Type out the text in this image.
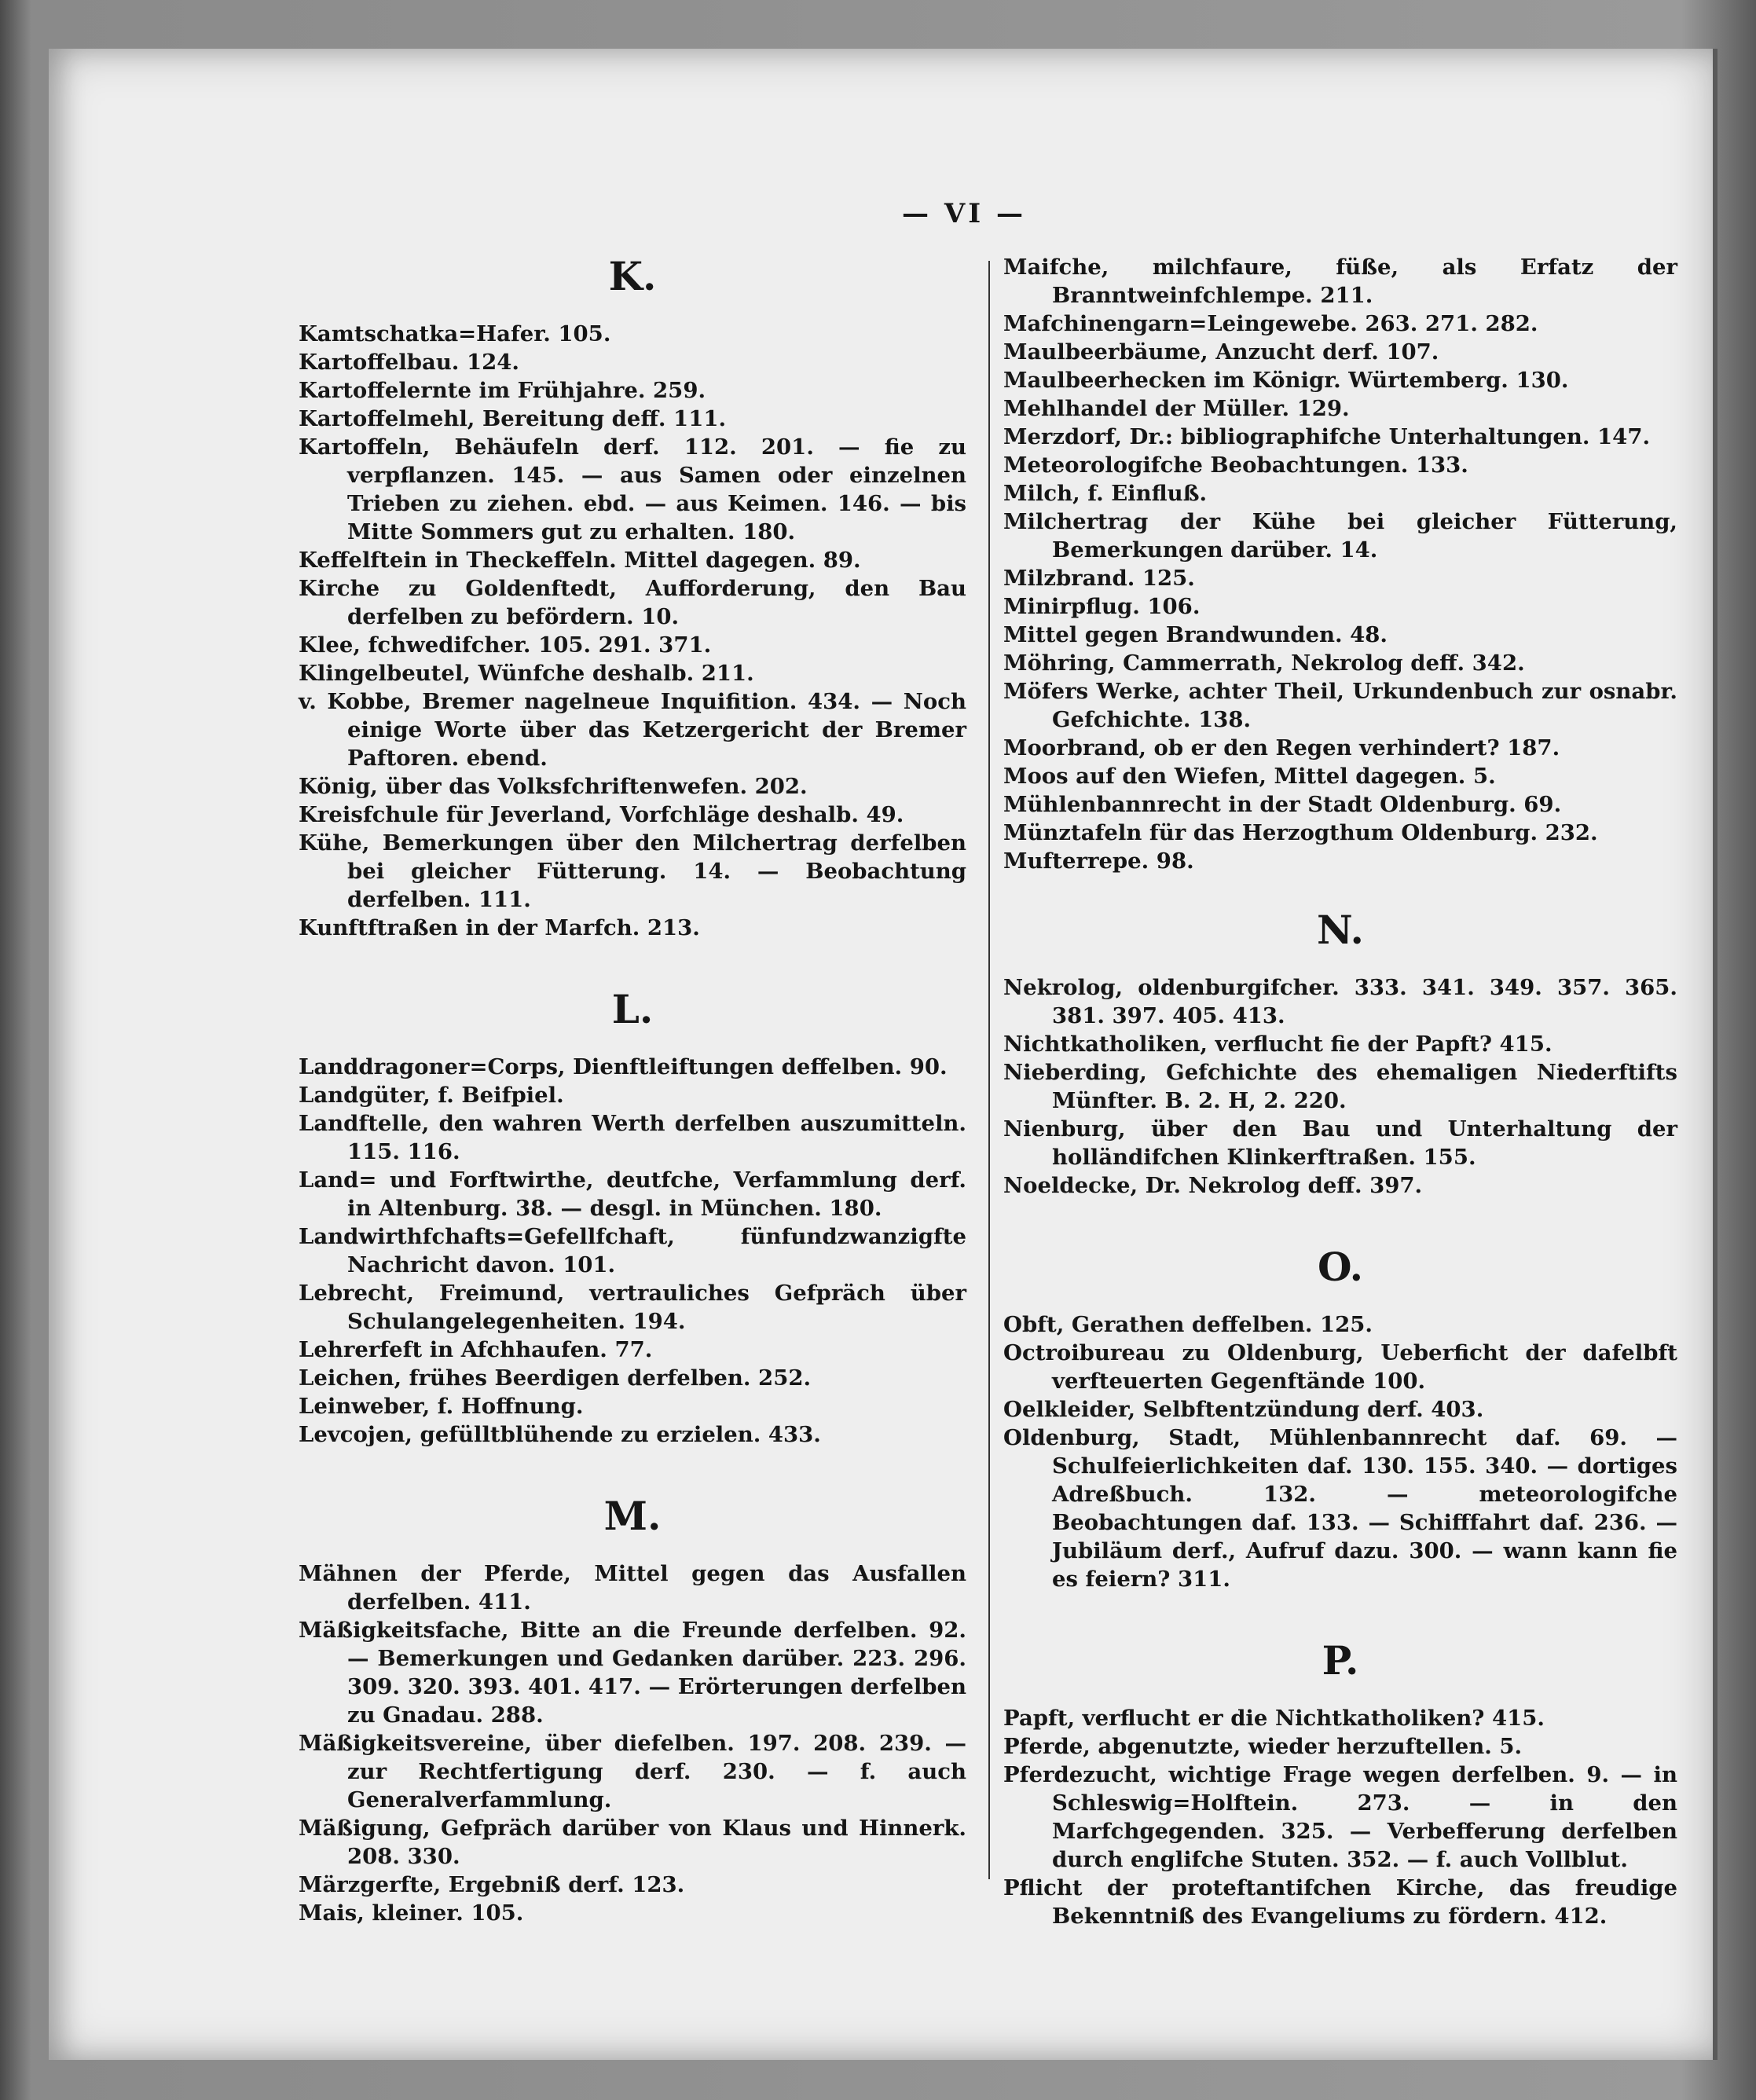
— VI —
K.
Kamtschatka=Hafer. 105.
Kartoffelbau. 124.
Kartoffelernte im Frühjahre. 259.
Kartoffelmehl, Bereitung deff. 111.
Kartoffeln, Behäufeln derf. 112. 201. — fie zu verpflanzen. 145. — aus Samen oder einzelnen Trieben zu ziehen. ebd. — aus Keimen. 146. — bis Mitte Sommers gut zu erhalten. 180.
Keffelftein in Theckeffeln. Mittel dagegen. 89.
Kirche zu Goldenftedt, Aufforderung, den Bau derfelben zu befördern. 10.
Klee, fchwedifcher. 105. 291. 371.
Klingelbeutel, Wünfche deshalb. 211.
v. Kobbe, Bremer nagelneue Inquifition. 434. — Noch einige Worte über das Ketzergericht der Bremer Paftoren. ebend.
König, über das Volksfchriftenwefen. 202.
Kreisfchule für Jeverland, Vorfchläge deshalb. 49.
Kühe, Bemerkungen über den Milchertrag derfelben bei gleicher Fütterung. 14. — Beobachtung derfelben. 111.
Kunftftraßen in der Marfch. 213.
L.
Landdragoner=Corps, Dienftleiftungen deffelben. 90.
Landgüter, f. Beifpiel.
Landftelle, den wahren Werth derfelben auszumitteln. 115. 116.
Land= und Forftwirthe, deutfche, Verfammlung derf. in Altenburg. 38. — desgl. in München. 180.
Landwirthfchafts=Gefellfchaft, fünfundzwanzigfte Nachricht davon. 101.
Lebrecht, Freimund, vertrauliches Gefpräch über Schulangelegenheiten. 194.
Lehrerfeft in Afchhaufen. 77.
Leichen, frühes Beerdigen derfelben. 252.
Leinweber, f. Hoffnung.
Levcojen, gefülltblühende zu erzielen. 433.
M.
Mähnen der Pferde, Mittel gegen das Ausfallen derfelben. 411.
Mäßigkeitsfache, Bitte an die Freunde derfelben. 92. — Bemerkungen und Gedanken darüber. 223. 296. 309. 320. 393. 401. 417. — Erörterungen derfelben zu Gnadau. 288.
Mäßigkeitsvereine, über diefelben. 197. 208. 239. — zur Rechtfertigung derf. 230. — f. auch Generalverfammlung.
Mäßigung, Gefpräch darüber von Klaus und Hinnerk. 208. 330.
Märzgerfte, Ergebniß derf. 123.
Mais, kleiner. 105.
Maifche, milchfaure, füße, als Erfatz der Branntweinfchlempe. 211.
Mafchinengarn=Leingewebe. 263. 271. 282.
Maulbeerbäume, Anzucht derf. 107.
Maulbeerhecken im Königr. Würtemberg. 130.
Mehlhandel der Müller. 129.
Merzdorf, Dr.: bibliographifche Unterhaltungen. 147.
Meteorologifche Beobachtungen. 133.
Milch, f. Einfluß.
Milchertrag der Kühe bei gleicher Fütterung, Bemerkungen darüber. 14.
Milzbrand. 125.
Minirpflug. 106.
Mittel gegen Brandwunden. 48.
Möhring, Cammerrath, Nekrolog deff. 342.
Möfers Werke, achter Theil, Urkundenbuch zur osnabr. Gefchichte. 138.
Moorbrand, ob er den Regen verhindert? 187.
Moos auf den Wiefen, Mittel dagegen. 5.
Mühlenbannrecht in der Stadt Oldenburg. 69.
Münztafeln für das Herzogthum Oldenburg. 232.
Mufterrepe. 98.
N.
Nekrolog, oldenburgifcher. 333. 341. 349. 357. 365. 381. 397. 405. 413.
Nichtkatholiken, verflucht fie der Papft? 415.
Nieberding, Gefchichte des ehemaligen Niederftifts Münfter. B. 2. H, 2. 220.
Nienburg, über den Bau und Unterhaltung der holländifchen Klinkerftraßen. 155.
Noeldecke, Dr. Nekrolog deff. 397.
O.
Obft, Gerathen deffelben. 125.
Octroibureau zu Oldenburg, Ueberficht der dafelbft verfteuerten Gegenftände 100.
Oelkleider, Selbftentzündung derf. 403.
Oldenburg, Stadt, Mühlenbannrecht daf. 69. — Schulfeierlichkeiten daf. 130. 155. 340. — dortiges Adreßbuch. 132. — meteorologifche Beobachtungen daf. 133. — Schifffahrt daf. 236. — Jubiläum derf., Aufruf dazu. 300. — wann kann fie es feiern? 311.
P.
Papft, verflucht er die Nichtkatholiken? 415.
Pferde, abgenutzte, wieder herzuftellen. 5.
Pferdezucht, wichtige Frage wegen derfelben. 9. — in Schleswig=Holftein. 273. — in den Marfchgegenden. 325. — Verbefferung derfelben durch englifche Stuten. 352. — f. auch Vollblut.
Pflicht der proteftantifchen Kirche, das freudige Bekenntniß des Evangeliums zu fördern. 412.
